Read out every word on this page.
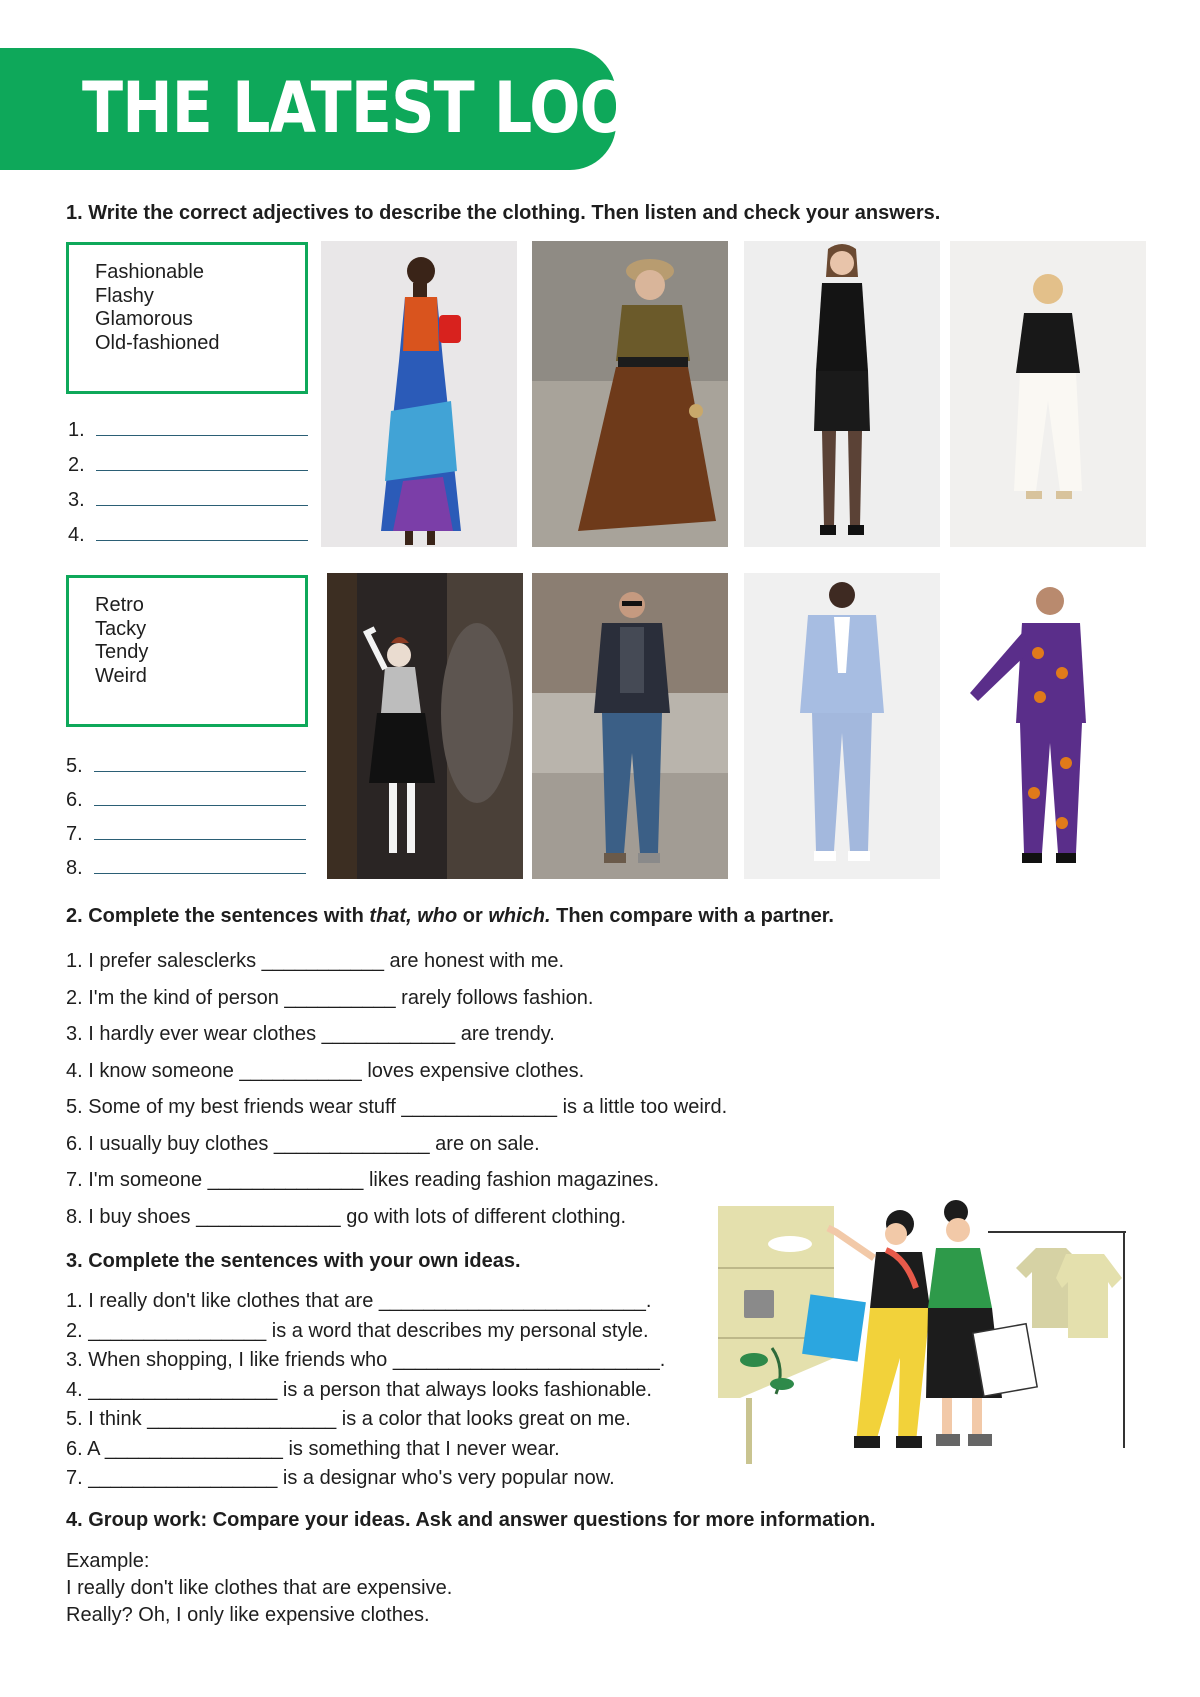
THE LATEST LOOK
1. Write the correct adjectives to describe the clothing. Then listen and check your answers.
Fashionable
Flashy
Glamorous
Old-fashioned
1.
2.
3.
4.
Retro
Tacky
Tendy
Weird
5.
6.
7.
8.
2. Complete the sentences with that, who or which. Then compare with a partner.
1. I prefer salesclerks ___________ are honest with me.
2. I'm the kind of person __________ rarely follows fashion.
3. I hardly ever wear clothes ____________ are trendy.
4. I know someone ___________ loves expensive clothes.
5. Some of my best friends wear stuff ______________ is a little too weird.
6. I usually buy clothes ______________ are on sale.
7. I'm someone ______________ likes reading fashion magazines.
8. I buy shoes _____________ go with lots of different clothing.
3. Complete the sentences with your own ideas.
1. I really don't like clothes that are ________________________.
2. ________________ is a word that describes my personal style.
3. When shopping, I like friends who ________________________.
4. _________________ is a person that always looks fashionable.
5. I think _________________ is a color that looks great on me.
6. A ________________ is something that I never wear.
7. _________________ is a designar who's very popular now.
4. Group work: Compare your ideas. Ask and answer questions for more information.
Example:
I really don't like clothes that are expensive.
Really? Oh, I only like expensive clothes.
